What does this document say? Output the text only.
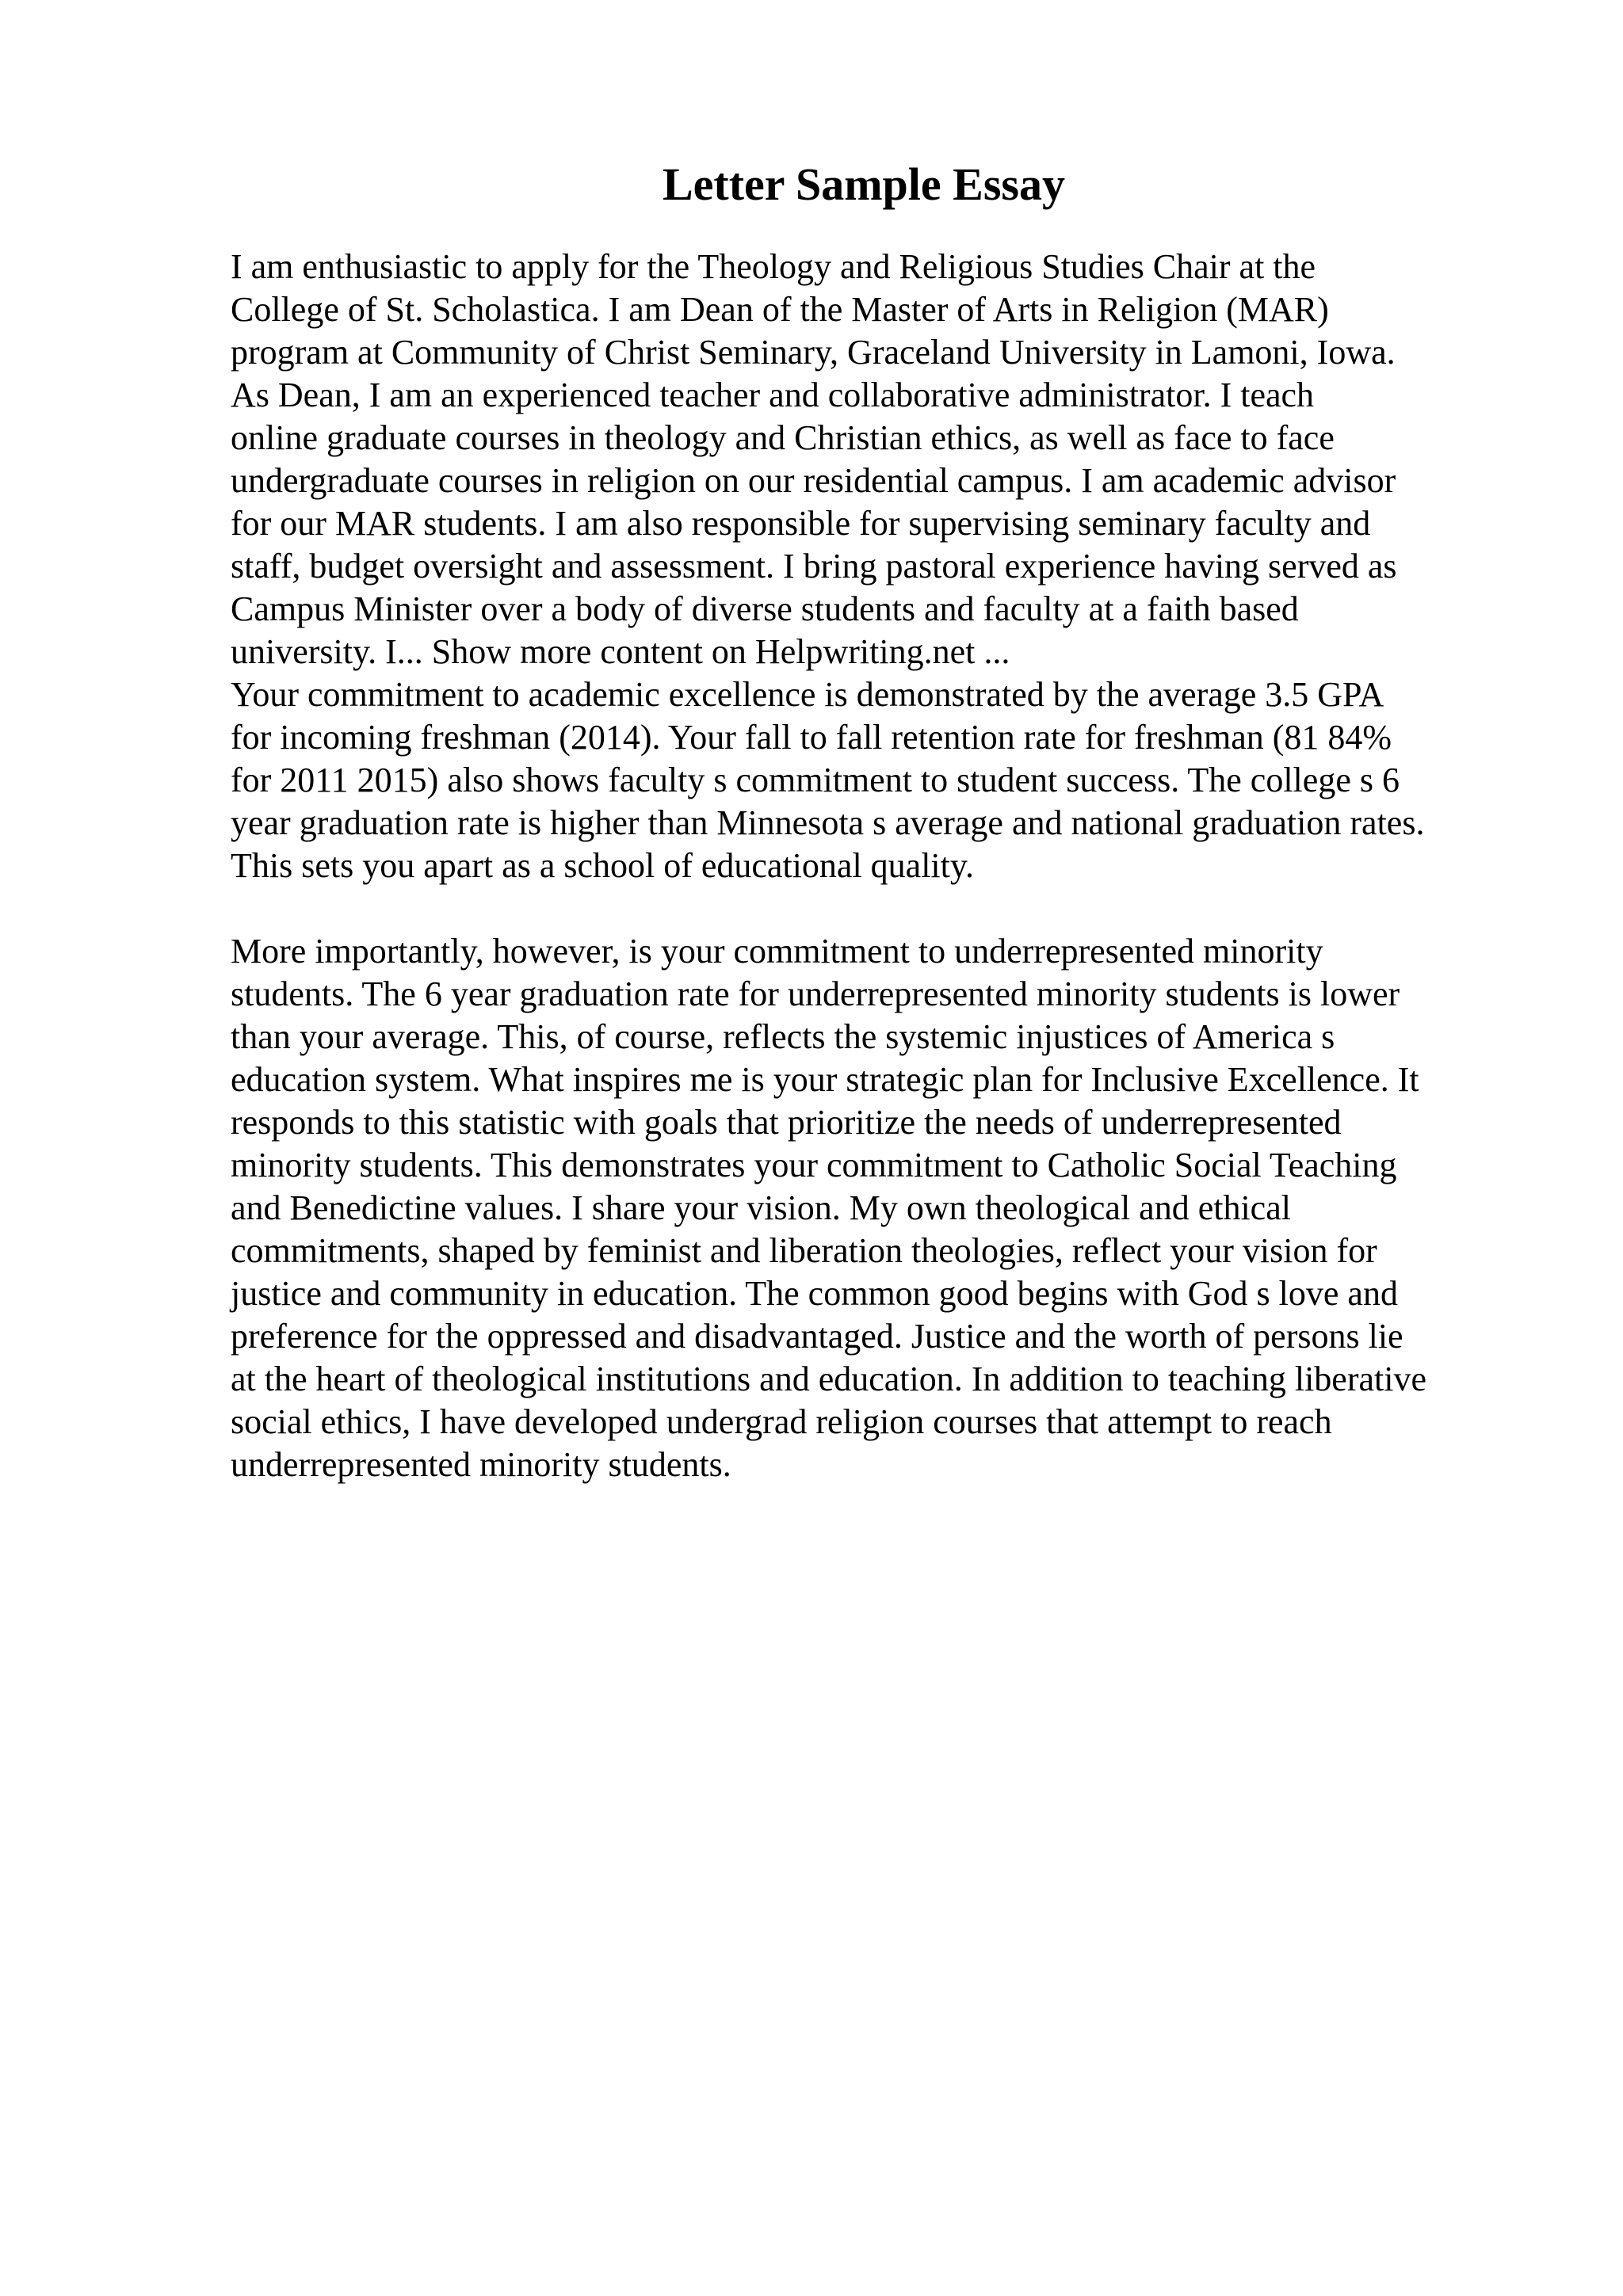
Letter Sample Essay
I am enthusiastic to apply for the Theology and Religious Studies Chair at the
College of St. Scholastica. I am Dean of the Master of Arts in Religion (MAR)
program at Community of Christ Seminary, Graceland University in Lamoni, Iowa.
As Dean, I am an experienced teacher and collaborative administrator. I teach
online graduate courses in theology and Christian ethics, as well as face to face
undergraduate courses in religion on our residential campus. I am academic advisor
for our MAR students. I am also responsible for supervising seminary faculty and
staff, budget oversight and assessment. I bring pastoral experience having served as
Campus Minister over a body of diverse students and faculty at a faith based
university. I... Show more content on Helpwriting.net ...
Your commitment to academic excellence is demonstrated by the average 3.5 GPA
for incoming freshman (2014). Your fall to fall retention rate for freshman (81 84%
for 2011 2015) also shows faculty s commitment to student success. The college s 6
year graduation rate is higher than Minnesota s average and national graduation rates.
This sets you apart as a school of educational quality.
More importantly, however, is your commitment to underrepresented minority
students. The 6 year graduation rate for underrepresented minority students is lower
than your average. This, of course, reflects the systemic injustices of America s
education system. What inspires me is your strategic plan for Inclusive Excellence. It
responds to this statistic with goals that prioritize the needs of underrepresented
minority students. This demonstrates your commitment to Catholic Social Teaching
and Benedictine values. I share your vision. My own theological and ethical
commitments, shaped by feminist and liberation theologies, reflect your vision for
justice and community in education. The common good begins with God s love and
preference for the oppressed and disadvantaged. Justice and the worth of persons lie
at the heart of theological institutions and education. In addition to teaching liberative
social ethics, I have developed undergrad religion courses that attempt to reach
underrepresented minority students.
